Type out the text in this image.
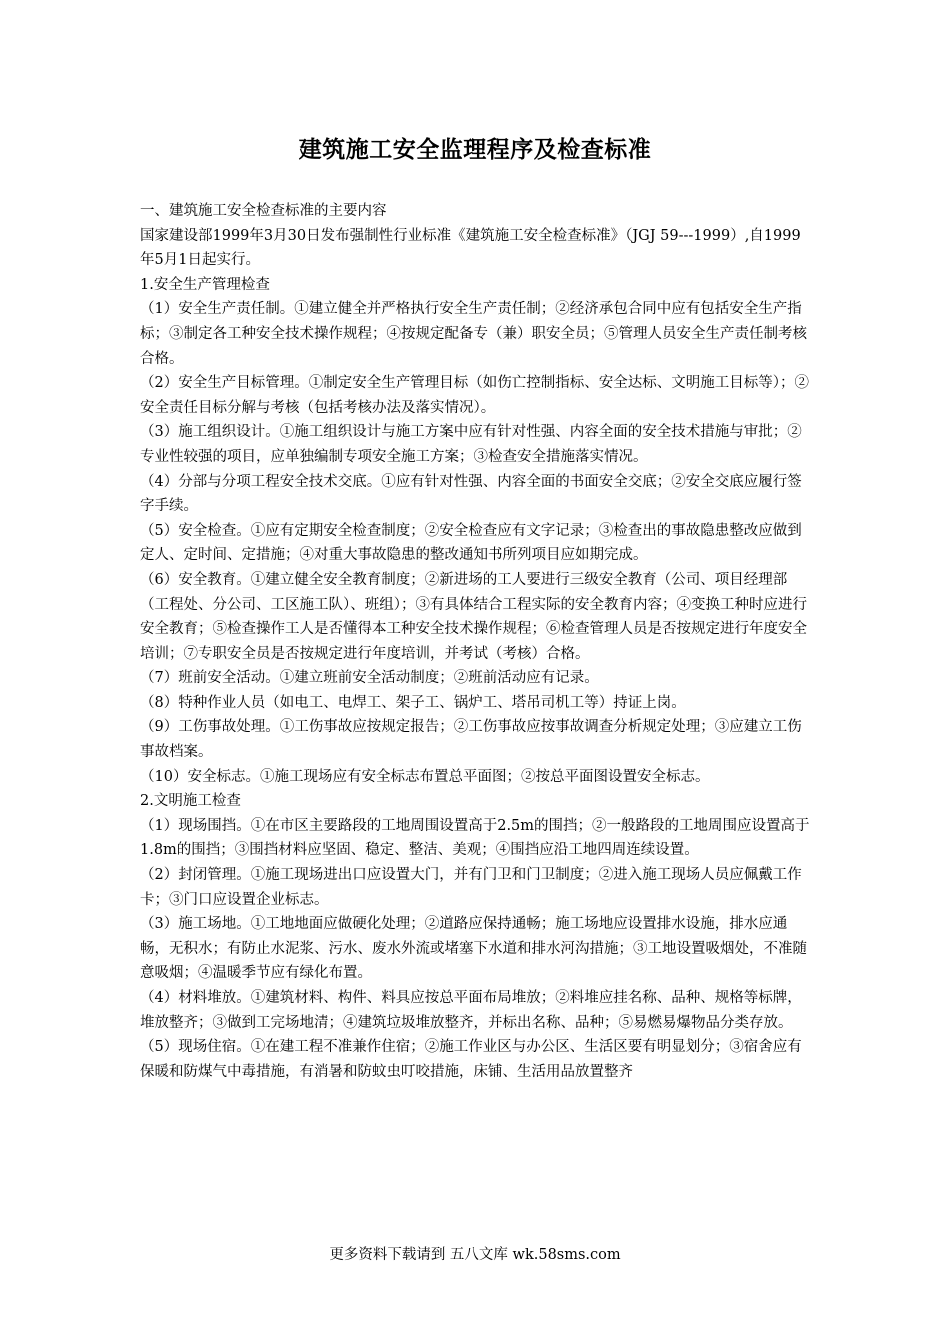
建筑施工安全监理程序及检查标准

一、建筑施工安全检查标准的主要内容

国家建设部1999年3月30日发布强制性行业标准《建筑施工安全检查标准》（JGJ 59---1999）,自1999年5月1日起实行。

1.安全生产管理检查

（1）安全生产责任制。①建立健全并严格执行安全生产责任制；②经济承包合同中应有包括安全生产指标；③制定各工种安全技术操作规程；④按规定配备专（兼）职安全员；⑤管理人员安全生产责任制考核合格。

（2）安全生产目标管理。①制定安全生产管理目标（如伤亡控制指标、安全达标、文明施工目标等）；②安全责任目标分解与考核（包括考核办法及落实情况）。

（3）施工组织设计。①施工组织设计与施工方案中应有针对性强、内容全面的安全技术措施与审批；②专业性较强的项目，应单独编制专项安全施工方案；③检查安全措施落实情况。

（4）分部与分项工程安全技术交底。①应有针对性强、内容全面的书面安全交底；②安全交底应履行签字手续。

（5）安全检查。①应有定期安全检查制度；②安全检查应有文字记录；③检查出的事故隐患整改应做到定人、定时间、定措施；④对重大事故隐患的整改通知书所列项目应如期完成。

（6）安全教育。①建立健全安全教育制度；②新进场的工人要进行三级安全教育（公司、项目经理部（工程处、分公司、工区施工队）、班组）；③有具体结合工程实际的安全教育内容；④变换工种时应进行安全教育；⑤检查操作工人是否懂得本工种安全技术操作规程；⑥检查管理人员是否按规定进行年度安全培训；⑦专职安全员是否按规定进行年度培训，并考试（考核）合格。

（7）班前安全活动。①建立班前安全活动制度；②班前活动应有记录。

（8）特种作业人员（如电工、电焊工、架子工、锅炉工、塔吊司机工等）持证上岗。

（9）工伤事故处理。①工伤事故应按规定报告；②工伤事故应按事故调查分析规定处理；③应建立工伤事故档案。

（10）安全标志。①施工现场应有安全标志布置总平面图；②按总平面图设置安全标志。

2.文明施工检查

（1）现场围挡。①在市区主要路段的工地周围设置高于2.5m的围挡；②一般路段的工地周围应设置高于1.8m的围挡；③围挡材料应坚固、稳定、整洁、美观；④围挡应沿工地四周连续设置。

（2）封闭管理。①施工现场进出口应设置大门，并有门卫和门卫制度；②进入施工现场人员应佩戴工作卡；③门口应设置企业标志。

（3）施工场地。①工地地面应做硬化处理；②道路应保持通畅；施工场地应设置排水设施，排水应通畅，无积水；有防止水泥浆、污水、废水外流或堵塞下水道和排水河沟措施；③工地设置吸烟处，不准随意吸烟；④温暖季节应有绿化布置。

（4）材料堆放。①建筑材料、构件、料具应按总平面布局堆放；②料堆应挂名称、品种、规格等标牌，堆放整齐；③做到工完场地清；④建筑垃圾堆放整齐，并标出名称、品种；⑤易燃易爆物品分类存放。

（5）现场住宿。①在建工程不准兼作住宿；②施工作业区与办公区、生活区要有明显划分；③宿舍应有保暖和防煤气中毒措施，有消暑和防蚊虫叮咬措施，床铺、生活用品放置整齐

更多资料下载请到 五八文库 wk.58sms.com
